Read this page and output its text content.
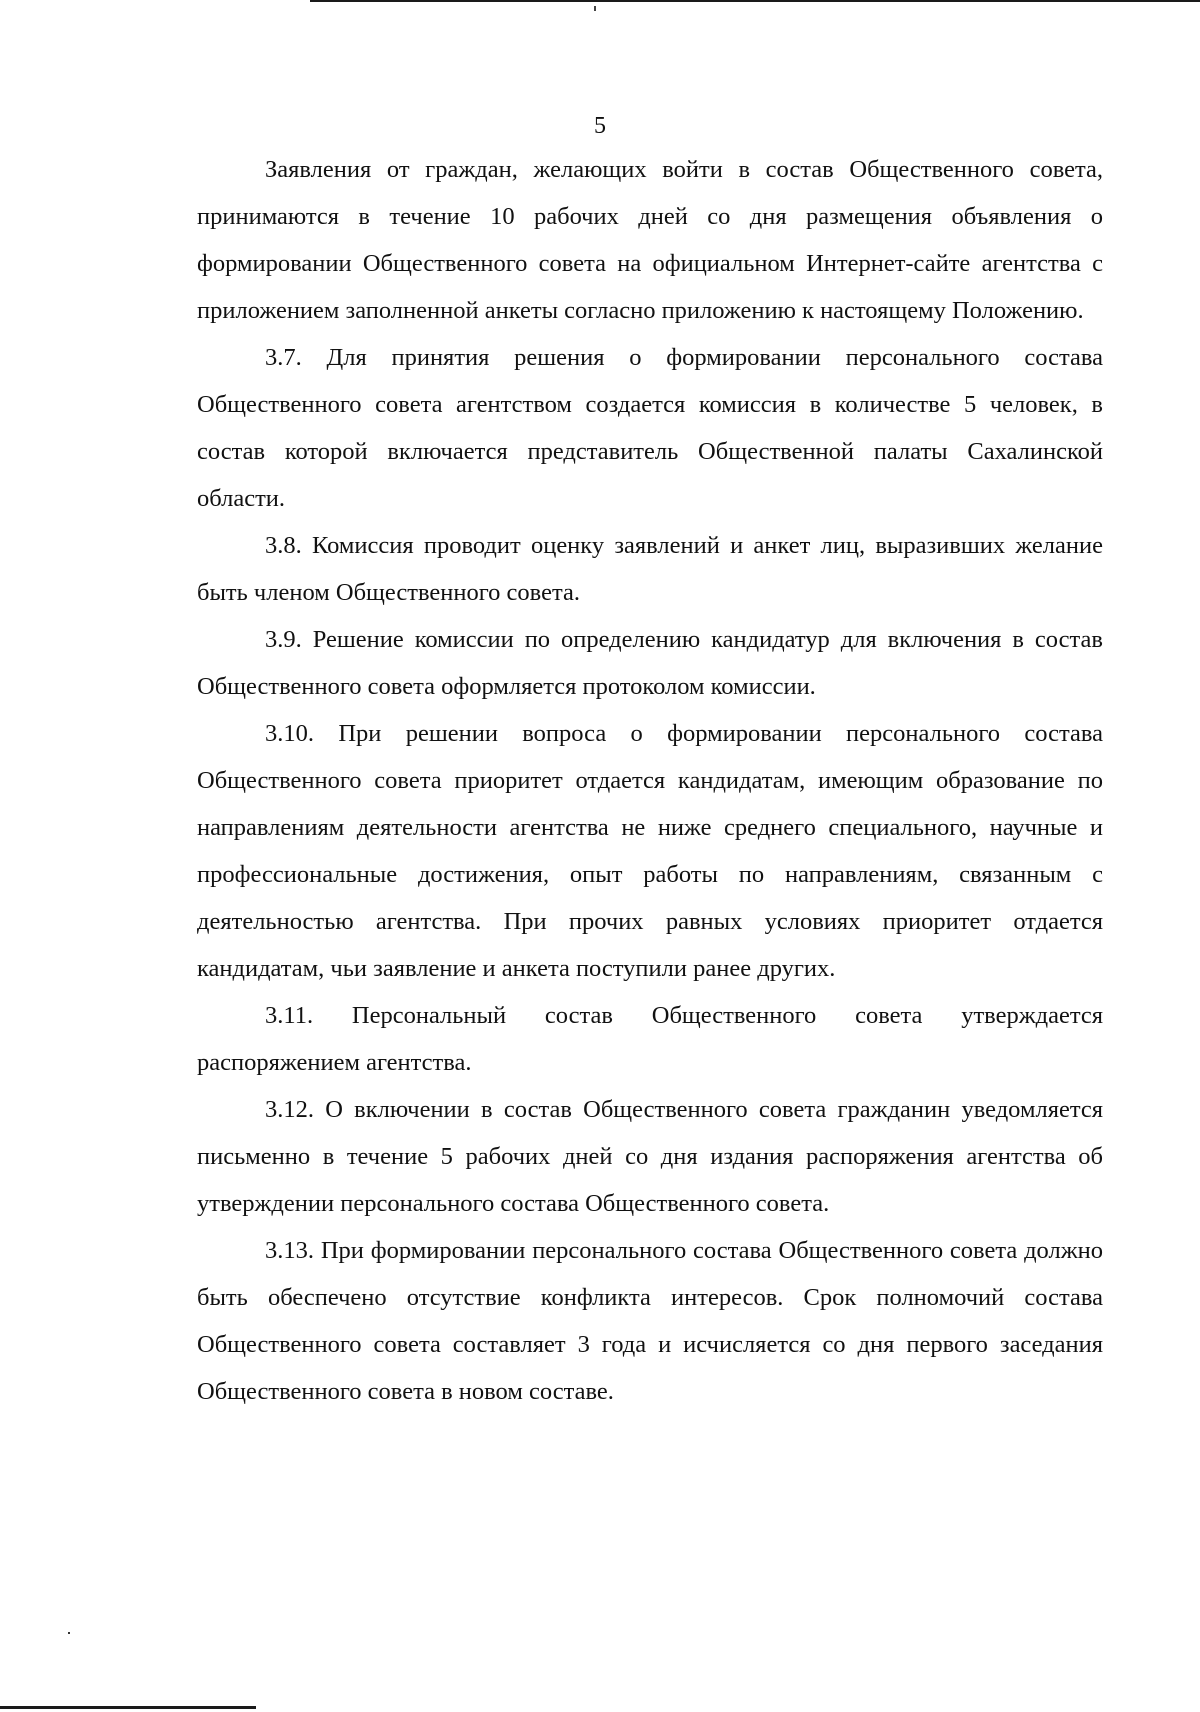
5

Заявления от граждан, желающих войти в состав Общественного совета, принимаются в течение 10 рабочих дней со дня размещения объявления о формировании Общественного совета на официальном Интернет-сайте агентства с приложением заполненной анкеты согласно приложению к настоящему Положению.

3.7. Для принятия решения о формировании персонального состава Общественного совета агентством создается комиссия в количестве 5 человек, в состав которой включается представитель Общественной палаты Сахалинской области.

3.8. Комиссия проводит оценку заявлений и анкет лиц, выразивших желание быть членом Общественного совета.

3.9. Решение комиссии по определению кандидатур для включения в состав Общественного совета оформляется протоколом комиссии.

3.10. При решении вопроса о формировании персонального состава Общественного совета приоритет отдается кандидатам, имеющим образование по направлениям деятельности агентства не ниже среднего специального, научные и профессиональные достижения, опыт работы по направлениям, связанным с деятельностью агентства. При прочих равных условиях приоритет отдается кандидатам, чьи заявление и анкета поступили ранее других.

3.11. Персональный состав Общественного совета утверждается распоряжением агентства.

3.12. О включении в состав Общественного совета гражданин уведомляется письменно в течение 5 рабочих дней со дня издания распоряжения агентства об утверждении персонального состава Общественного совета.

3.13. При формировании персонального состава Общественного совета должно быть обеспечено отсутствие конфликта интересов. Срок полномочий состава Общественного совета составляет 3 года и исчисляется со дня первого заседания Общественного совета в новом составе.
